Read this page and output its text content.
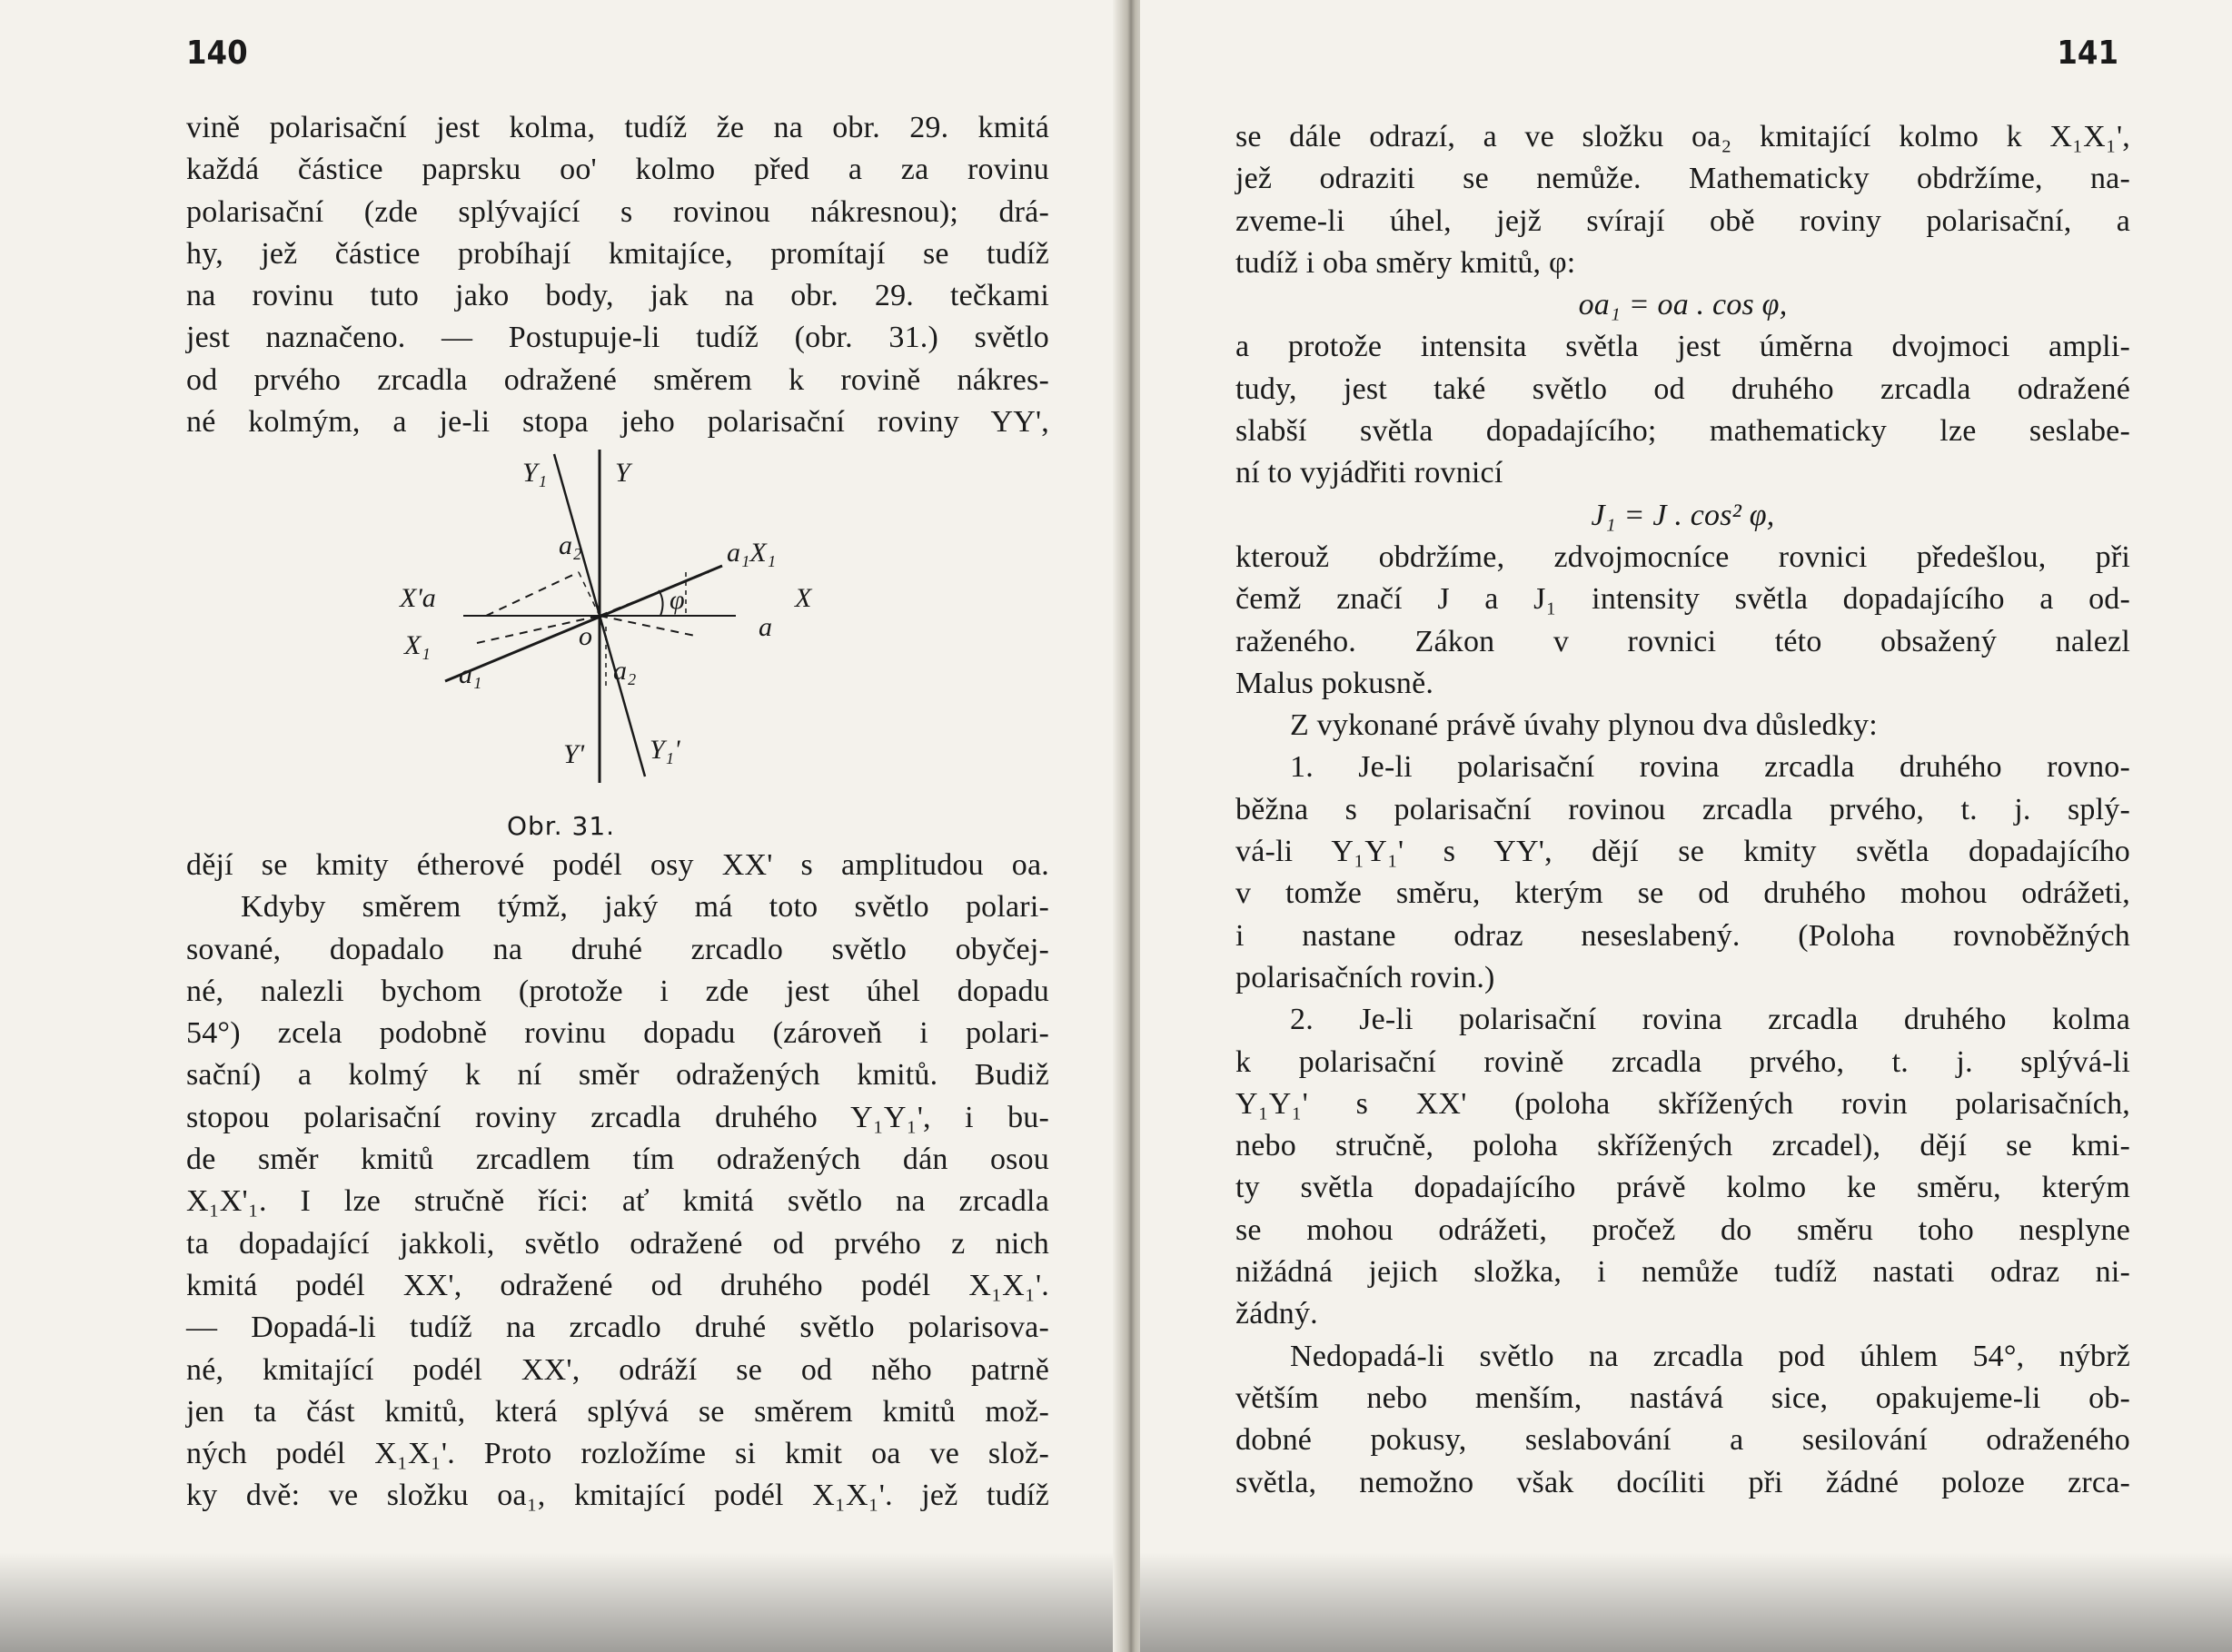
140
vině polarisační jest kolma, tudíž že na obr. 29. kmitá
každá částice paprsku oo' kolmo před a za rovinu
polarisační (zde splývající s rovinou nákresnou); drá-
hy, jež částice probíhají kmitajíce, promítají se tudíž
na rovinu tuto jako body, jak na obr. 29. tečkami
jest naznačeno. — Postupuje-li tudíž (obr. 31.) světlo
od prvého zrcadla odražené směrem k rovině nákres-
né kolmým, a je-li stopa jeho polarisační roviny YY',
Y₁ Y
a₂	a₁X₁
X'a	φ	X
a
o
X₁
a₁	a₂
Y' Y₁'
Obr. 31.
dějí se kmity étherové podél osy XX' s amplitudou oa.
Kdyby směrem týmž, jaký má toto světlo polari-
sované, dopadalo na druhé zrcadlo světlo obyčej-
né, nalezli bychom (protože i zde jest úhel dopadu
54°) zcela podobně rovinu dopadu (zároveň i polari-
sační) a kolmý k ní směr odražených kmitů. Budiž
stopou polarisační roviny zrcadla druhého Y₁Y₁', i bu-
de směr kmitů zrcadlem tím odražených dán osou
X₁X'₁. I lze stručně říci: ať kmitá světlo na zrcadla
ta dopadající jakkoli, světlo odražené od prvého z nich
kmitá podél XX', odražené od druhého podél X₁X₁'.
— Dopadá-li tudíž na zrcadlo druhé světlo polarisova-
né, kmitající podél XX', odráží se od něho patrně
jen ta část kmitů, která splývá se směrem kmitů mož-
ných podél X₁X₁'. Proto rozložíme si kmit oa ve slož-
ky dvě: ve složku oa₁, kmitající podél X₁X₁'. jež tudíž
141
se dále odrazí, a ve složku oa₂ kmitající kolmo k X₁X₁',
jež odraziti se nemůže. Mathematicky obdržíme, na-
zveme-li úhel, jejž svírají obě roviny polarisační, a
tudíž i oba směry kmitů, φ:
oa₁ = oa . cos φ,
a protože intensita světla jest úměrna dvojmoci ampli-
tudy, jest také světlo od druhého zrcadla odražené
slabší světla dopadajícího; mathematicky lze seslabe-
ní to vyjádřiti rovnicí
J₁ = J . cos² φ,
kterouž obdržíme, zdvojmocníce rovnici předešlou, při
čemž značí J a J₁ intensity světla dopadajícího a od-
raženého. Zákon v rovnici této obsažený nalezl
Malus pokusně.
Z vykonané právě úvahy plynou dva důsledky:
1. Je-li polarisační rovina zrcadla druhého rovno-
běžna s polarisační rovinou zrcadla prvého, t. j. splý-
vá-li Y₁Y₁' s YY', dějí se kmity světla dopadajícího
v tomže směru, kterým se od druhého mohou odrážeti,
i nastane odraz neseslabený. (Poloha rovnoběžných
polarisačních rovin.)
2. Je-li polarisační rovina zrcadla druhého kolma
k polarisační rovině zrcadla prvého, t. j. splývá-li
Y₁Y₁' s XX' (poloha skřížených rovin polarisačních,
nebo stručně, poloha skřížených zrcadel), dějí se kmi-
ty světla dopadajícího právě kolmo ke směru, kterým
se mohou odrážeti, pročež do směru toho nesplyne
nižádná jejich složka, i nemůže tudíž nastati odraz ni-
žádný.
Nedopadá-li světlo na zrcadla pod úhlem 54°, nýbrž
větším nebo menším, nastává sice, opakujeme-li ob-
dobné pokusy, seslabování a sesilování odraženého
světla, nemožno však docíliti při žádné poloze zrca-
